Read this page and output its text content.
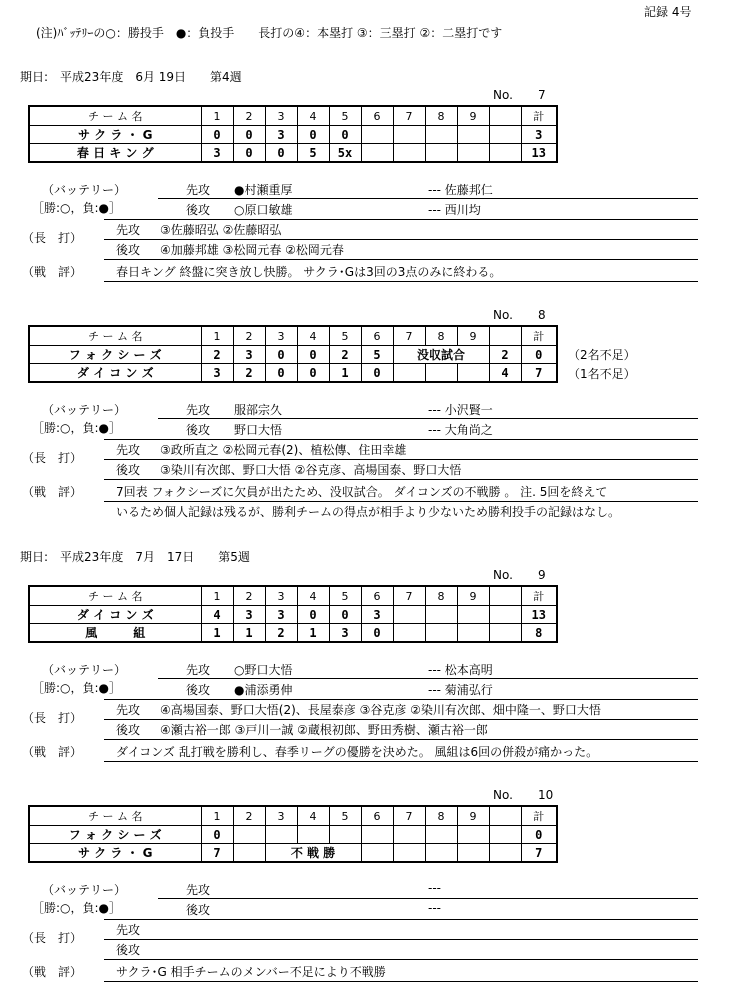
記録 4号
(注)ﾊﾞｯﾃﾘｰの○：勝投手　●：負投手　　長打の④：本塁打 ③：三塁打 ②：二塁打です
期日:　平成23年度　6月 19日　　第4週
期日:　平成23年度　7月　17日　　第5週
No. 7
チ ー ム 名	1	2	3	4	5	6	7	8	9		計
サ ク ラ ・ G	0	0	3	0	0						3
春 日 キ ン グ	3	0	0	5	5x						13
（バッテリー）
［勝:○，負:●］
先攻 ●村瀬重厚	--- 佐藤邦仁
後攻 ○原口敏雄	--- 西川均
（長　打）
先攻 ③佐藤昭弘 ②佐藤昭弘
後攻 ④加藤邦雄 ③松岡元春 ②松岡元春
（戦　評）	春日キング 終盤に突き放し快勝。 サクラ･Gは3回の3点のみに終わる。
No. 8
チ ー ム 名	1	2	3	4	5	6	7	8	9		計
フ ォ ク シ ー ズ	2	3	0	0	2	5	没収試合			2	0
ダ イ コ ン ズ	3	2	0	0	1	0				4	7
（2名不足）
（1名不足）
（バッテリー）
［勝:○，負:●］
先攻 服部宗久	--- 小沢賢一
後攻 野口大悟	--- 大角尚之
（長　打）
先攻 ③政所直之 ②松岡元春(2)、植松傳、住田幸雄
後攻 ③染川有次郎、野口大悟 ②谷克彦、高場国泰、野口大悟
（戦　評）	7回表 フォクシーズに欠員が出たため、没収試合。 ダイコンズの不戦勝 。 注. 5回を終えて
いるため個人記録は残るが、勝利チームの得点が相手より少ないため勝利投手の記録はなし。
No. 9
チ ー ム 名	1	2	3	4	5	6	7	8	9		計
ダ イ コ ン ズ	4	3	3	0	0	3					13
風　　　組	1	1	2	1	3	0					8
（バッテリー）
［勝:○，負:●］
先攻 ○野口大悟	--- 松本高明
後攻 ●浦添勇伸	--- 菊浦弘行
（長　打）
先攻 ④高場国泰、野口大悟(2)、長屋泰彦 ③谷克彦 ②染川有次郎、畑中隆一、野口大悟
後攻 ④瀬古裕一郎 ③戸川一誠 ②蔵根初郎、野田秀樹、瀬古裕一郎
（戦　評）	ダイコンズ 乱打戦を勝利し、春季リーグの優勝を決めた。 風組は6回の併殺が痛かった。
No. 10
チ ー ム 名	1	2	3	4	5	6	7	8	9		計
フ ォ ク シ ー ズ	0										0
サ ク ラ ・ G	7		不 戦 勝								7
（バッテリー）
［勝:○，負:●］
先攻	---
後攻	---
（長　打）
先攻
後攻
（戦　評）	サクラ･G 相手チームのメンバー不足により不戦勝
